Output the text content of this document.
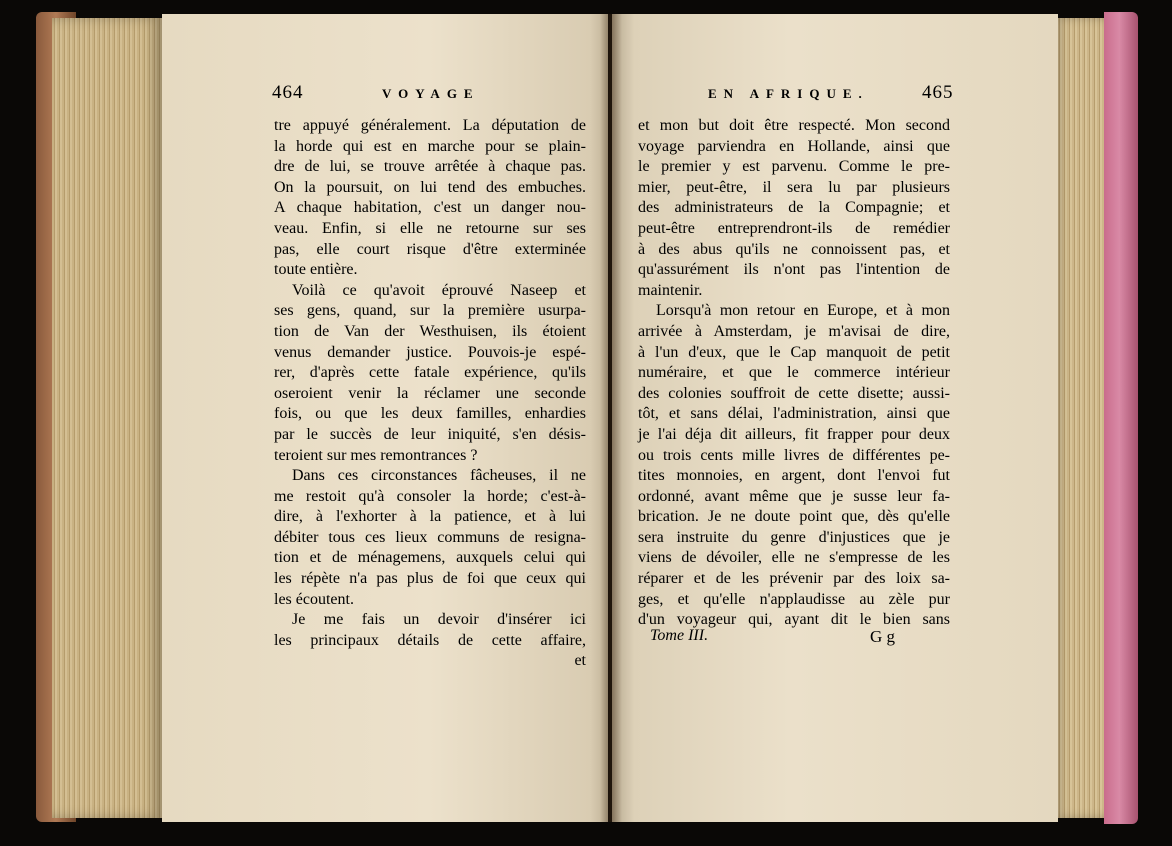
464	VOYAGE	EN AFRIQUE.	465
tre appuyé généralement. La députation de
la horde qui est en marche pour se plain-
dre de lui, se trouve arrêtée à chaque pas.
On la poursuit, on lui tend des embuches.
A chaque habitation, c'est un danger nou-
veau. Enfin, si elle ne retourne sur ses
pas, elle court risque d'être exterminée
toute entière.
Voilà ce qu'avoit éprouvé Naseep et
ses gens, quand, sur la première usurpa-
tion de Van der Westhuisen, ils étoient
venus demander justice. Pouvois-je espé-
rer, d'après cette fatale expérience, qu'ils
oseroient venir la réclamer une seconde
fois, ou que les deux familles, enhardies
par le succès de leur iniquité, s'en désis-
teroient sur mes remontrances ?
Dans ces circonstances fâcheuses, il ne
me restoit qu'à consoler la horde; c'est-à-
dire, à l'exhorter à la patience, et à lui
débiter tous ces lieux communs de resigna-
tion et de ménagemens, auxquels celui qui
les répète n'a pas plus de foi que ceux qui
les écoutent.
Je me fais un devoir d'insérer ici
les principaux détails de cette affaire,
et
et mon but doit être respecté. Mon second
voyage parviendra en Hollande, ainsi que
le premier y est parvenu. Comme le pre-
mier, peut-être, il sera lu par plusieurs
des administrateurs de la Compagnie; et
peut-être entreprendront-ils de remédier
à des abus qu'ils ne connoissent pas, et
qu'assurément ils n'ont pas l'intention de
maintenir.
Lorsqu'à mon retour en Europe, et à mon
arrivée à Amsterdam, je m'avisai de dire,
à l'un d'eux, que le Cap manquoit de petit
numéraire, et que le commerce intérieur
des colonies souffroit de cette disette; aussi-
tôt, et sans délai, l'administration, ainsi que
je l'ai déja dit ailleurs, fit frapper pour deux
ou trois cents mille livres de différentes pe-
tites monnoies, en argent, dont l'envoi fut
ordonné, avant même que je susse leur fa-
brication. Je ne doute point que, dès qu'elle
sera instruite du genre d'injustices que je
viens de dévoiler, elle ne s'empresse de les
réparer et de les prévenir par des loix sa-
ges, et qu'elle n'applaudisse au zèle pur
d'un voyageur qui, ayant dit le bien sans
Tome III.	G g
